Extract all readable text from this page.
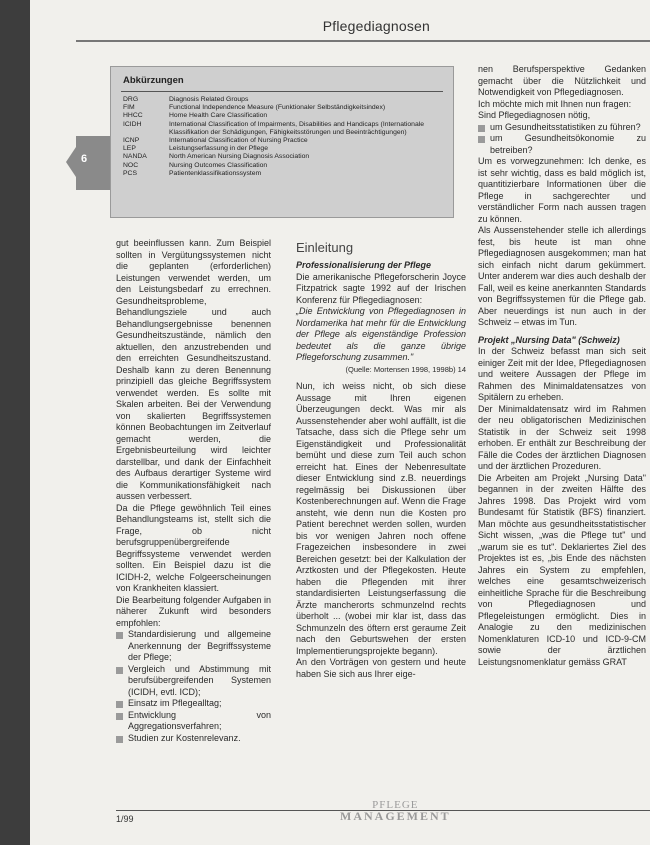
Pflegediagnosen
6
Abkürzungen
DRG	Diagnosis Related Groups
FIM	Functional Independence Measure (Funktionaler Selbständigkeitsindex)
HHCC	Home Health Care Classification
ICIDH	International Classification of Impairments, Disabilities and Handicaps (Internationale Klassifikation der Schädigungen, Fähigkeitsstörungen und Beeinträchtigungen)
ICNP	International Classification of Nursing Practice
LEP	Leistungserfassung in der Pflege
NANDA	North American Nursing Diagnosis Association
NOC	Nursing Outcomes Classification
PCS	Patientenklassifikationssystem

gut beeinflussen kann. Zum Beispiel sollten in Vergütungssystemen nicht die geplanten (erforderlichen) Leistungen verwendet werden, um den Leistungsbedarf zu errechnen. Gesundheitsprobleme, Behandlungsziele und auch Behandlungsergebnisse benennen Gesundheitszustände, nämlich den aktuellen, den anzustrebenden und den erreichten Gesundheitszustand. Deshalb kann zu deren Benennung prinzipiell das gleiche Begriffssystem verwendet werden. Es sollte mit Skalen arbeiten. Bei der Verwendung von skalierten Begriffssystemen können Beobachtungen im Zeitverlauf gemacht werden, die Ergebnisbeurteilung wird leichter darstellbar, und dank der Einfachheit des Aufbaus derartiger Systeme wird die Kommunikationsfähigkeit nach aussen verbessert.

Da die Pflege gewöhnlich Teil eines Behandlungsteams ist, stellt sich die Frage, ob nicht berufsgruppenübergreifende Begriffssysteme verwendet werden sollten. Ein Beispiel dazu ist die ICIDH-2, welche Folgeerscheinungen von Krankheiten klassiert.

Die Bearbeitung folgender Aufgaben in näherer Zukunft wird besonders empfohlen:

Standardisierung und allgemeine Anerkennung der Begriffssysteme der Pflege;
Vergleich und Abstimmung mit berufsübergreifenden Systemen (ICIDH, evtl. ICD);
Einsatz im Pflegealltag;
Entwicklung von Aggregationsverfahren;
Studien zur Kostenrelevanz.
Einleitung
Professionalisierung der Pflege

Die amerikanische Pflegeforscherin Joyce Fitzpatrick sagte 1992 auf der Irischen Konferenz für Pflegediagnosen:

„Die Entwicklung von Pflegediagnosen in Nordamerika hat mehr für die Entwicklung der Pflege als eigenständige Profession bedeutet als die ganze übrige Pflegeforschung zusammen."

(Quelle: Mortensen 1998, 1998b) 14

Nun, ich weiss nicht, ob sich diese Aussage mit Ihren eigenen Überzeugungen deckt. Was mir als Aussenstehender aber wohl auffällt, ist die Tatsache, dass sich die Pflege sehr um Eigenständigkeit und Professionalität bemüht und diese zum Teil auch schon erreicht hat. Eines der Nebenresultate dieser Entwicklung sind z.B. neuerdings regelmässig bei Diskussionen über Kostenberechnungen auf. Wenn die Frage ansteht, wie denn nun die Kosten pro Patient berechnet werden sollen, wurden bis vor wenigen Jahren noch offene Fragezeichen insbesondere in zwei Bereichen gesetzt: bei der Kalkulation der Arztkosten und der Pflegekosten. Heute haben die Pflegenden mit ihrer standardisierten Leistungserfassung die Ärzte mancherorts schmunzelnd rechts überholt ... (wobei mir klar ist, dass das Schmunzeln des öftern erst geraume Zeit nach den Geburtswehen der ersten Implementierungsprojekte begann).

An den Vorträgen von gestern und heute haben Sie sich aus Ihrer eige-

nen Berufsperspektive Gedanken gemacht über die Nützlichkeit und Notwendigkeit von Pflegediagnosen.

Ich möchte mich mit Ihnen nun fragen:

Sind Pflegediagnosen nötig,

um Gesundheitsstatistiken zu führen?
um Gesundheitsökonomie zu betreiben?

Um es vorwegzunehmen: Ich denke, es ist sehr wichtig, dass es bald möglich ist, quantitizierbare Informationen über die Pflege in sachgerechter und verständlicher Form nach aussen tragen zu können.

Als Aussenstehender stelle ich allerdings fest, bis heute ist man ohne Pflegediagnosen ausgekommen; man hat sich einfach nicht darum gekümmert. Unter anderem war dies auch deshalb der Fall, weil es keine anerkannten Standards von Begriffssystemen für die Pflege gab. Aber neuerdings ist nun auch in der Schweiz – etwas im Tun.

Projekt „Nursing Data" (Schweiz)

In der Schweiz befasst man sich seit einiger Zeit mit der Idee, Pflegediagnosen und weitere Aussagen der Pflege im Rahmen des Minimaldatensatzes von Spitälern zu erheben.

Der Minimaldatensatz wird im Rahmen der neu obligatorischen Medizinischen Statistik in der Schweiz seit 1998 erhoben. Er enthält zur Beschreibung der Fälle die Codes der ärztlichen Diagnosen und der ärztlichen Prozeduren.

Die Arbeiten am Projekt „Nursing Data" begannen in der zweiten Hälfte des Jahres 1998. Das Projekt wird vom Bundesamt für Statistik (BFS) finanziert. Man möchte aus gesundheitsstatistischer Sicht wissen, „was die Pflege tut" und „warum sie es tut". Deklariertes Ziel des Projektes ist es, „bis Ende des nächsten Jahres ein System zu empfehlen, welches eine gesamtschweizerisch einheitliche Sprache für die Beschreibung von Pflegediagnosen und Pflegeleistungen ermöglicht. Dies in Analogie zu den medizinischen Nomenklaturen ICD-10 und ICD-9-CM sowie der ärztlichen Leistungsnomenklatur gemäss GRAT

1/99
PFLEGE
MANAGEMENT
